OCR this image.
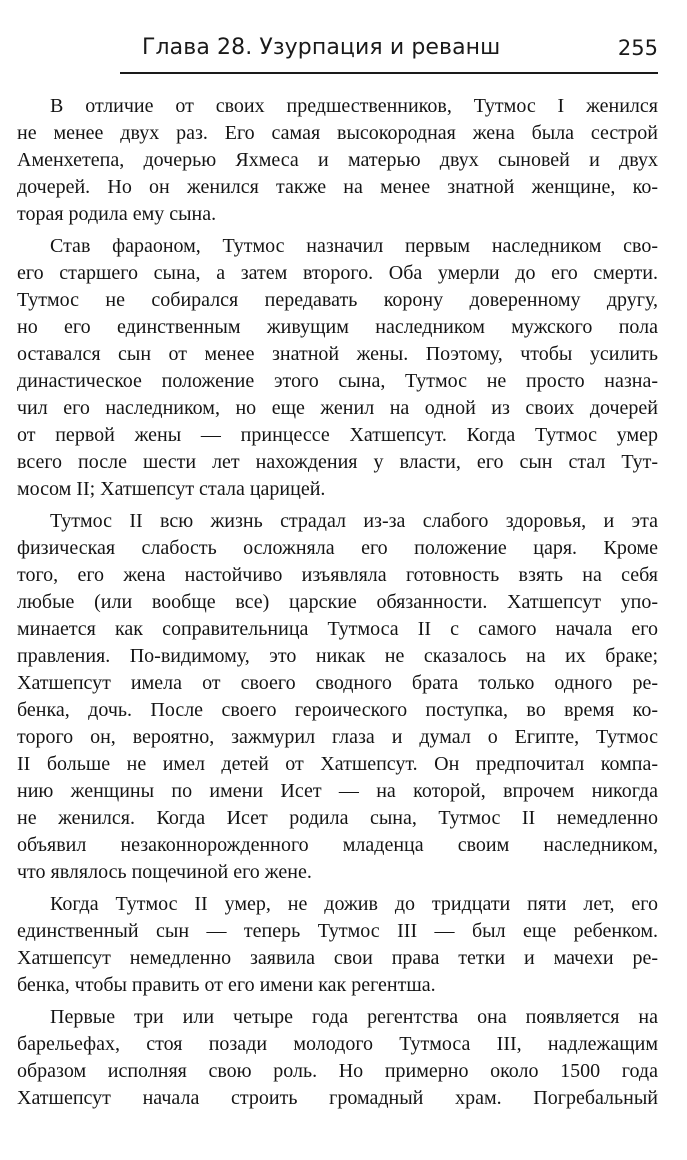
Глава 28. Узурпация и реванш	255

В отличие от своих предшественников, Тутмос I женился
не менее двух раз. Его самая высокородная жена была сестрой
Аменхетепа, дочерью Яхмеса и матерью двух сыновей и двух
дочерей. Но он женился также на менее знатной женщине, ко-
торая родила ему сына.

Став фараоном, Тутмос назначил первым наследником сво-
его старшего сына, а затем второго. Оба умерли до его смерти.
Тутмос не собирался передавать корону доверенному другу,
но его единственным живущим наследником мужского пола
оставался сын от менее знатной жены. Поэтому, чтобы усилить
династическое положение этого сына, Тутмос не просто назна-
чил его наследником, но еще женил на одной из своих дочерей
от первой жены — принцессе Хатшепсут. Когда Тутмос умер
всего после шести лет нахождения у власти, его сын стал Тут-
мосом II; Хатшепсут стала царицей.

Тутмос II всю жизнь страдал из-за слабого здоровья, и эта
физическая слабость осложняла его положение царя. Кроме
того, его жена настойчиво изъявляла готовность взять на себя
любые (или вообще все) царские обязанности. Хатшепсут упо-
минается как соправительница Тутмоса II с самого начала его
правления. По-видимому, это никак не сказалось на их браке;
Хатшепсут имела от своего сводного брата только одного ре-
бенка, дочь. После своего героического поступка, во время ко-
торого он, вероятно, зажмурил глаза и думал о Египте, Тутмос
II больше не имел детей от Хатшепсут. Он предпочитал компа-
нию женщины по имени Исет — на которой, впрочем никогда
не женился. Когда Исет родила сына, Тутмос II немедленно
объявил незаконнорожденного младенца своим наследником,
что являлось пощечиной его жене.

Когда Тутмос II умер, не дожив до тридцати пяти лет, его
единственный сын — теперь Тутмос III — был еще ребенком.
Хатшепсут немедленно заявила свои права тетки и мачехи ре-
бенка, чтобы править от его имени как регентша.

Первые три или четыре года регентства она появляется на
барельефах, стоя позади молодого Тутмоса III, надлежащим
образом исполняя свою роль. Но примерно около 1500 года
Хатшепсут начала строить громадный храм. Погребальный
